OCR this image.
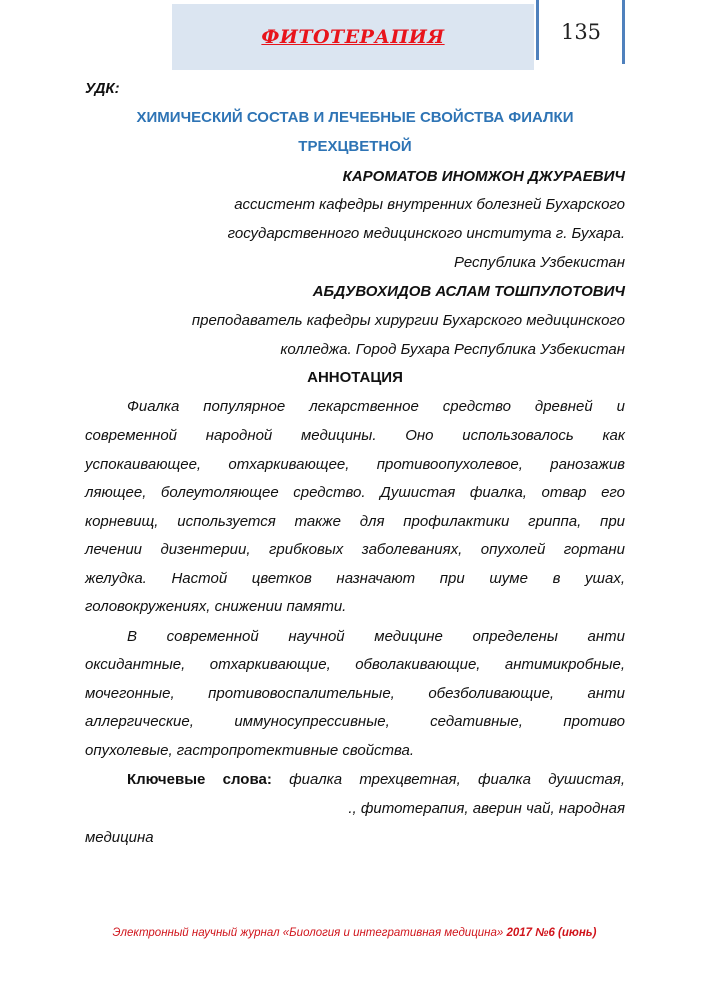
ФИТОТЕРАПИЯ	135
УДК:
ХИМИЧЕСКИЙ СОСТАВ И ЛЕЧЕБНЫЕ СВОЙСТВА ФИАЛКИ
ТРЕХЦВЕТНОЙ
КАРОМАТОВ ИНОМЖОН ДЖУРАЕВИЧ
ассистент кафедры внутренних болезней Бухарского
государственного медицинского института г. Бухара.
Республика Узбекистан
АБДУВОХИДОВ АСЛАМ ТОШПУЛОТОВИЧ
преподаватель кафедры хирургии Бухарского медицинского
колледжа. Город Бухара Республика Узбекистан
АННОТАЦИЯ
Фиалка популярное лекарственное средство древней и
современной народной медицины. Оно использовалось как
успокаивающее, отхаркивающее, противоопухолевое, ранозажив
ляющее, болеутоляющее средство. Душистая фиалка, отвар его
корневищ, используется также для профилактики гриппа, при
лечении дизентерии, грибковых заболеваниях, опухолей гортани
желудка. Настой цветков назначают при шуме в ушах,
головокружениях, снижении памяти.
В современной научной медицине определены анти
оксидантные, отхаркивающие, обволакивающие, антимикробные,
мочегонные, противовоспалительные, обезболивающие, анти
аллергические, иммуносупрессивные, седативные, противо
опухолевые, гастропротективные свойства.
Ключевые слова: фиалка трехцветная, фиалка душистая,
., фитотерапия, аверин чай, народная
медицина
Электронный научный журнал «Биология и интегративная медицина» 2017 №6 (июнь)
